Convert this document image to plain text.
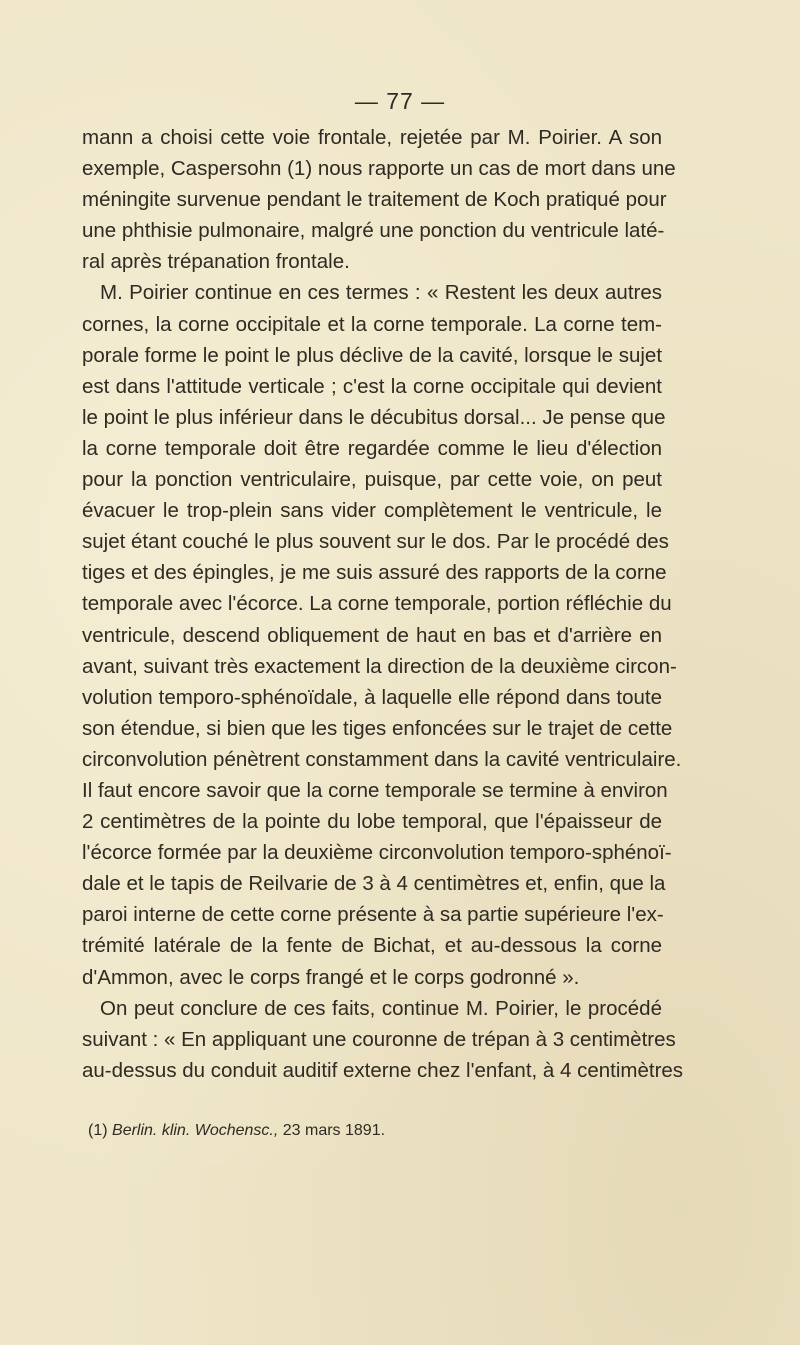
— 77 —
mann a choisi cette voie frontale, rejetée par M. Poirier. A son
exemple, Caspersohn (1) nous rapporte un cas de mort dans une
méningite survenue pendant le traitement de Koch pratiqué pour
une phthisie pulmonaire, malgré une ponction du ventricule laté-
ral après trépanation frontale.
M. Poirier continue en ces termes : « Restent les deux autres
cornes, la corne occipitale et la corne temporale. La corne tem-
porale forme le point le plus déclive de la cavité, lorsque le sujet
est dans l'attitude verticale ; c'est la corne occipitale qui devient
le point le plus inférieur dans le décubitus dorsal... Je pense que
la corne temporale doit être regardée comme le lieu d'élection
pour la ponction ventriculaire, puisque, par cette voie, on peut
évacuer le trop-plein sans vider complètement le ventricule, le
sujet étant couché le plus souvent sur le dos. Par le procédé des
tiges et des épingles, je me suis assuré des rapports de la corne
temporale avec l'écorce. La corne temporale, portion réfléchie du
ventricule, descend obliquement de haut en bas et d'arrière en
avant, suivant très exactement la direction de la deuxième circon-
volution temporo-sphénoïdale, à laquelle elle répond dans toute
son étendue, si bien que les tiges enfoncées sur le trajet de cette
circonvolution pénètrent constamment dans la cavité ventriculaire.
Il faut encore savoir que la corne temporale se termine à environ
2 centimètres de la pointe du lobe temporal, que l'épaisseur de
l'écorce formée par la deuxième circonvolution temporo-sphénoï-
dale et le tapis de Reilvarie de 3 à 4 centimètres et, enfin, que la
paroi interne de cette corne présente à sa partie supérieure l'ex-
trémité latérale de la fente de Bichat, et au-dessous la corne
d'Ammon, avec le corps frangé et le corps godronné ».
On peut conclure de ces faits, continue M. Poirier, le procédé
suivant : « En appliquant une couronne de trépan à 3 centimètres
au-dessus du conduit auditif externe chez l'enfant, à 4 centimètres
(1) Berlin. klin. Wochensc., 23 mars 1891.
